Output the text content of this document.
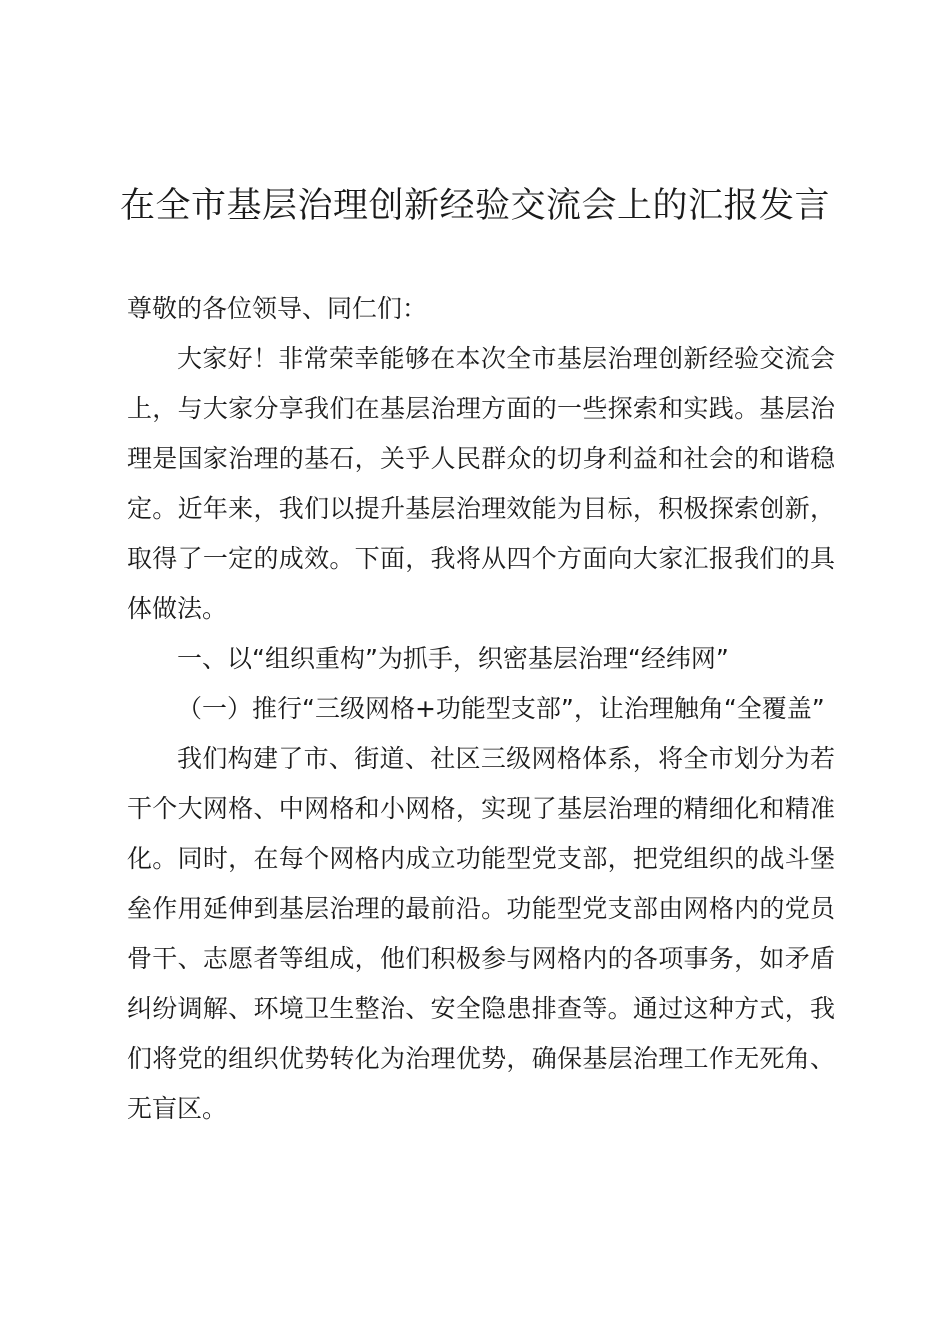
在全市基层治理创新经验交流会上的汇报发言

尊敬的各位领导、同仁们：

大家好！非常荣幸能够在本次全市基层治理创新经验交流会上，与大家分享我们在基层治理方面的一些探索和实践。基层治理是国家治理的基石，关乎人民群众的切身利益和社会的和谐稳定。近年来，我们以提升基层治理效能为目标，积极探索创新，取得了一定的成效。下面，我将从四个方面向大家汇报我们的具体做法。

一、以“组织重构”为抓手，织密基层治理“经纬网”

（一）推行“三级网格+功能型支部”，让治理触角“全覆盖”

我们构建了市、街道、社区三级网格体系，将全市划分为若干个大网格、中网格和小网格，实现了基层治理的精细化和精准化。同时，在每个网格内成立功能型党支部，把党组织的战斗堡垒作用延伸到基层治理的最前沿。功能型党支部由网格内的党员骨干、志愿者等组成，他们积极参与网格内的各项事务，如矛盾纠纷调解、环境卫生整治、安全隐患排查等。通过这种方式，我们将党的组织优势转化为治理优势，确保基层治理工作无死角、无盲区。
